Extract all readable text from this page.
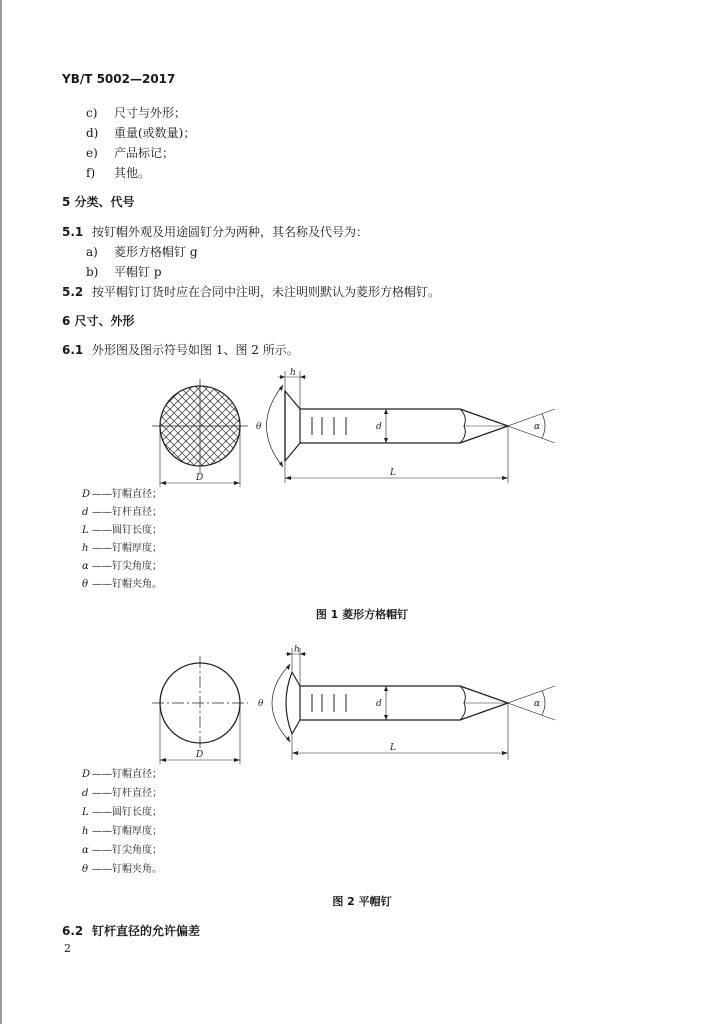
YB/T 5002—2017
c) 尺寸与外形；
d) 重量(或数量)；
e) 产品标记；
f) 其他。
5 分类、代号
5.1 按钉帽外观及用途圆钉分为两种，其名称及代号为：
a) 菱形方格帽钉 g
b) 平帽钉 p
5.2 按平帽钉订货时应在合同中注明，未注明则默认为菱形方格帽钉。
6 尺寸、外形
6.1 外形图及图示符号如图 1、图 2 所示。
D
α
d
h
θ
L
D ——钉帽直径；
d ——钉杆直径；
L ——圆钉长度；
h ——钉帽厚度；
α ——钉尖角度；
θ ——钉帽夹角。
图 1 菱形方格帽钉
D
α
d
h
θ
L
D ——钉帽直径；
d ——钉杆直径；
L ——圆钉长度；
h ——钉帽厚度；
α ——钉尖角度；
θ ——钉帽夹角。
图 2 平帽钉
6.2 钉杆直径的允许偏差
2
